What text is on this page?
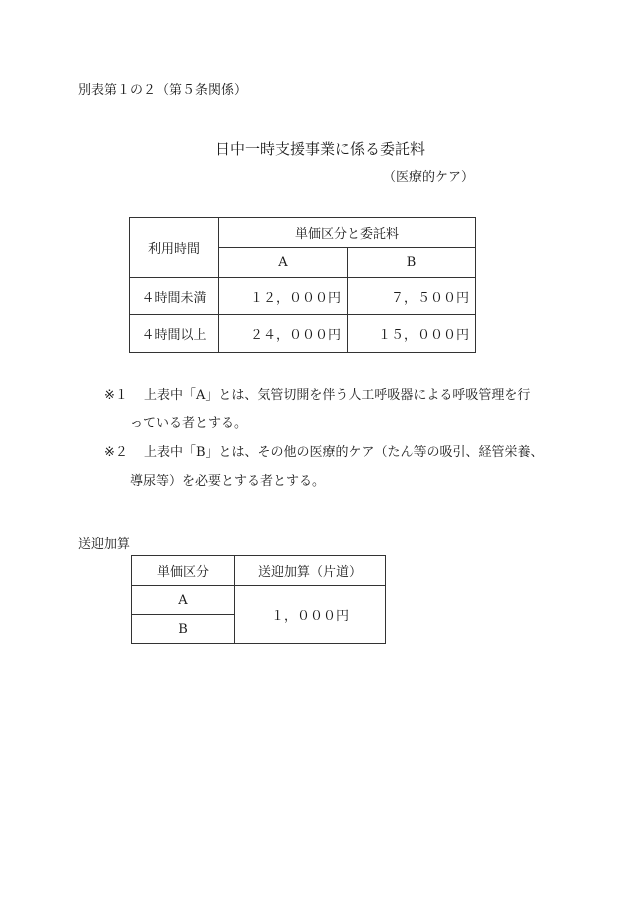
別表第１の２（第５条関係）
日中一時支援事業に係る委託料
（医療的ケア）
利用時間	単価区分と委託料	
	A	B
４時間未満	１２，０００円	７，５００円
４時間以上	２４，０００円	１５，０００円
※１ 上表中「A」とは、気管切開を伴う人工呼吸器による呼吸管理を行
っている者とする。
※２ 上表中「B」とは、その他の医療的ケア（たん等の吸引、経管栄養、
導尿等）を必要とする者とする。
送迎加算
単価区分	送迎加算（片道）
A	１，０００円
B	
